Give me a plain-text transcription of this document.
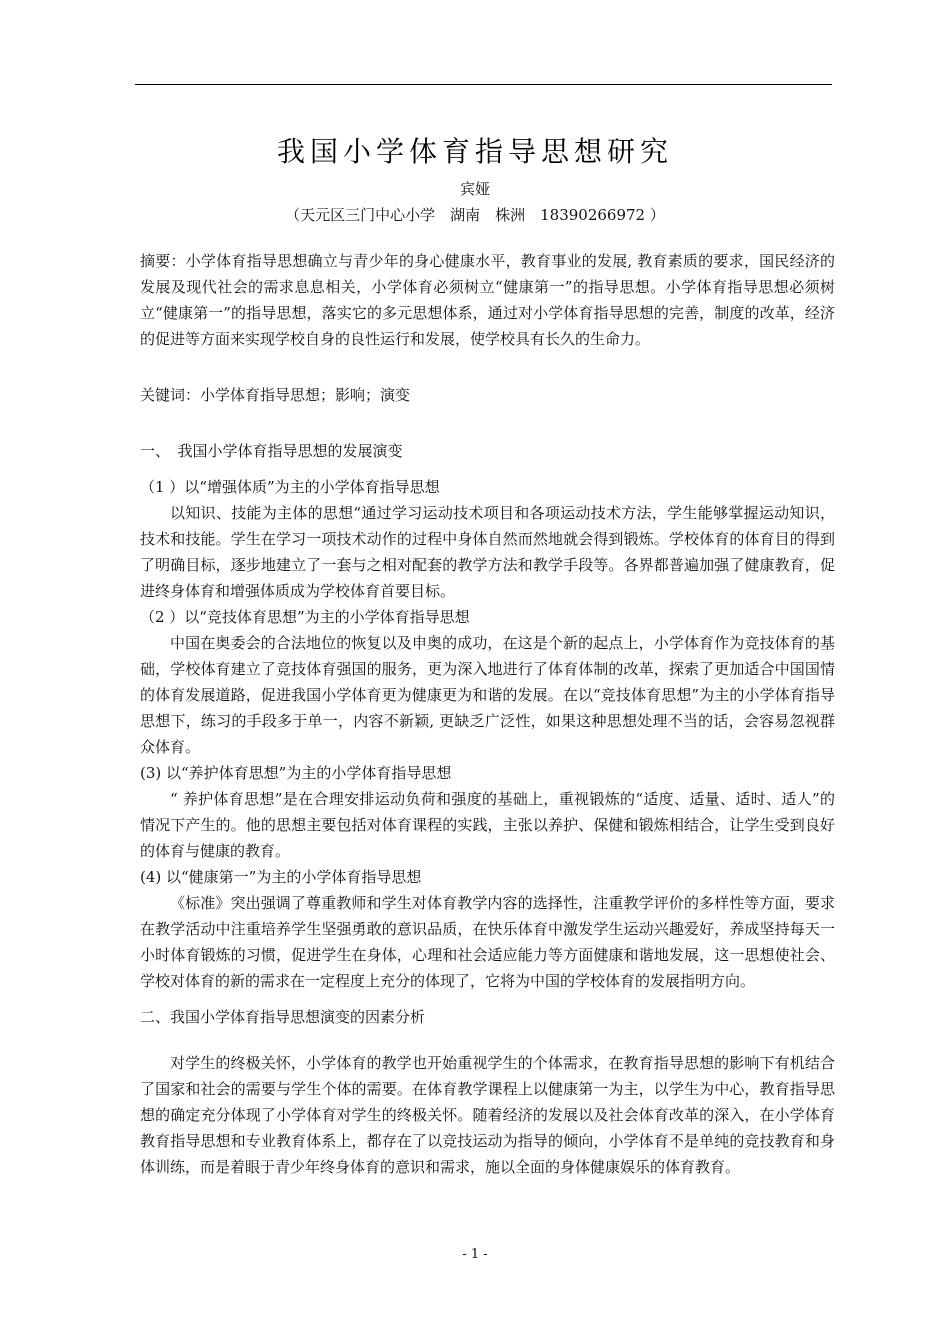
我国小学体育指导思想研究
宾娅
（天元区三门中心小学　湖南　株洲　18390266972 ）

摘要：小学体育指导思想确立与青少年的身心健康水平，教育事业的发展, 教育素质的要求，国民经济的发展及现代社会的需求息息相关，小学体育必须树立“健康第一”的指导思想。小学体育指导思想必须树立“健康第一”的指导思想，落实它的多元思想体系，通过对小学体育指导思想的完善，制度的改革，经济的促进等方面来实现学校自身的良性运行和发展，使学校具有长久的生命力。

关键词：小学体育指导思想；影响；演变

一、　我国小学体育指导思想的发展演变

（1 ）以“增强体质”为主的小学体育指导思想

以知识、技能为主体的思想“通过学习运动技术项目和各项运动技术方法，学生能够掌握运动知识，技术和技能。学生在学习一项技术动作的过程中身体自然而然地就会得到锻炼。学校体育的体育目的得到了明确目标，逐步地建立了一套与之相对配套的教学方法和教学手段等。各界都普遍加强了健康教育，促进终身体育和增强体质成为学校体育首要目标。

（2 ）以“竞技体育思想”为主的小学体育指导思想

中国在奥委会的合法地位的恢复以及申奥的成功，在这是个新的起点上，小学体育作为竞技体育的基础，学校体育建立了竞技体育强国的服务，更为深入地进行了体育体制的改革，探索了更加适合中国国情的体育发展道路，促进我国小学体育更为健康更为和谐的发展。在以“竞技体育思想”为主的小学体育指导思想下，练习的手段多于单一，内容不新颖, 更缺乏广泛性，如果这种思想处理不当的话，会容易忽视群众体育。

(3) 以“养护体育思想”为主的小学体育指导思想

“ 养护体育思想”是在合理安排运动负荷和强度的基础上，重视锻炼的“适度、适量、适时、适人”的情况下产生的。他的思想主要包括对体育课程的实践，主张以养护、保健和锻炼相结合，让学生受到良好的体育与健康的教育。

(4) 以“健康第一”为主的小学体育指导思想

《标准》突出强调了尊重教师和学生对体育教学内容的选择性，注重教学评价的多样性等方面，要求在教学活动中注重培养学生坚强勇敢的意识品质，在快乐体育中激发学生运动兴趣爱好，养成坚持每天一小时体育锻炼的习惯，促进学生在身体，心理和社会适应能力等方面健康和谐地发展，这一思想使社会、学校对体育的新的需求在一定程度上充分的体现了，它将为中国的学校体育的发展指明方向。

二、我国小学体育指导思想演变的因素分析

对学生的终极关怀，小学体育的教学也开始重视学生的个体需求，在教育指导思想的影响下有机结合了国家和社会的需要与学生个体的需要。在体育教学课程上以健康第一为主，以学生为中心，教育指导思想的确定充分体现了小学体育对学生的终极关怀。随着经济的发展以及社会体育改革的深入，在小学体育教育指导思想和专业教育体系上，都存在了以竞技运动为指导的倾向，小学体育不是单纯的竞技教育和身体训练，而是着眼于青少年终身体育的意识和需求，施以全面的身体健康娱乐的体育教育。

- 1 -
